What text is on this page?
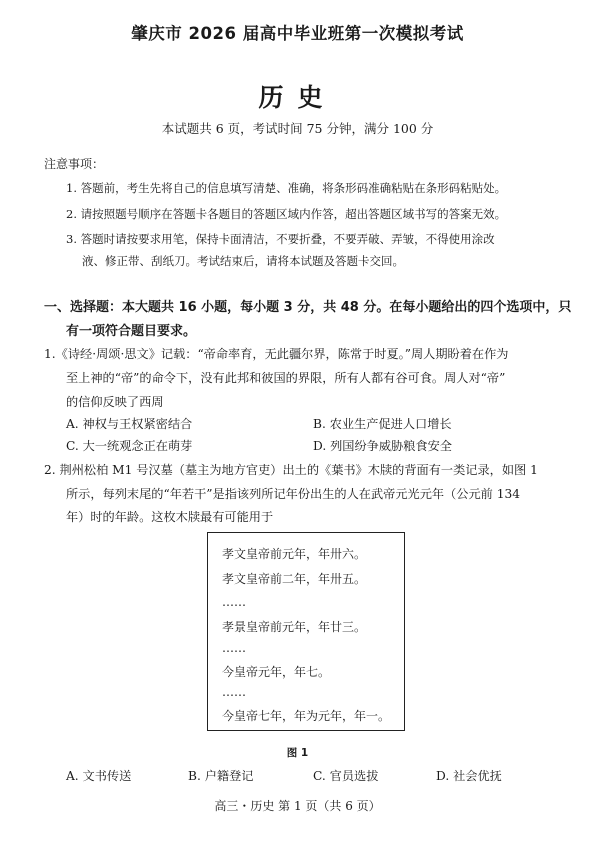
肇庆市 2026 届高中毕业班第一次模拟考试
历史
本试题共 6 页，考试时间 75 分钟，满分 100 分
注意事项：
1. 答题前，考生先将自己的信息填写清楚、准确，将条形码准确粘贴在条形码粘贴处。
2. 请按照题号顺序在答题卡各题目的答题区域内作答，超出答题区域书写的答案无效。
3. 答题时请按要求用笔，保持卡面清洁，不要折叠，不要弄破、弄皱，不得使用涂改
液、修正带、刮纸刀。考试结束后，请将本试题及答题卡交回。
一、选择题：本大题共 16 小题，每小题 3 分，共 48 分。在每小题给出的四个选项中，只
有一项符合题目要求。
1.《诗经·周颂·思文》记载：“帝命率育，无此疆尔界，陈常于时夏。”周人期盼着在作为
至上神的“帝”的命令下，没有此邦和彼国的界限，所有人都有谷可食。周人对“帝”
的信仰反映了西周
A. 神权与王权紧密结合	B. 农业生产促进人口增长
C. 大一统观念正在萌芽	D. 列国纷争威胁粮食安全
2. 荆州松柏 M1 号汉墓（墓主为地方官吏）出土的《葉书》木牍的背面有一类记录，如图 1
所示，每列末尾的“年若干”是指该列所记年份出生的人在武帝元光元年（公元前 134
年）时的年龄。这枚木牍最有可能用于
孝文皇帝前元年，年卅六。
孝文皇帝前二年，年卅五。
……
孝景皇帝前元年，年廿三。
……
今皇帝元年，年七。
……
今皇帝七年，年为元年，年一。
图 1
A. 文书传送	B. 户籍登记	C. 官员选拔	D. 社会优抚
高三・历史 第 1 页（共 6 页）
